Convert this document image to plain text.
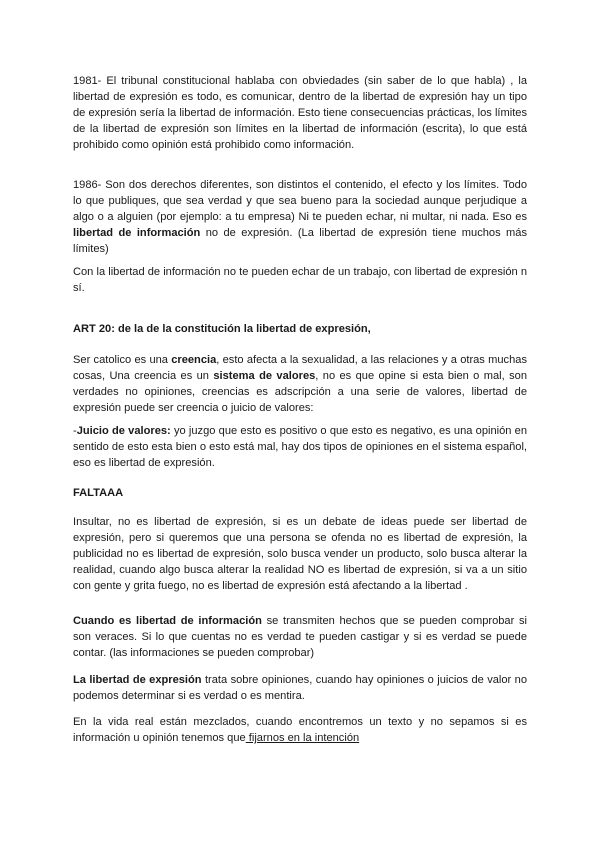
1981- El tribunal constitucional hablaba con obviedades (sin saber de lo que habla) , la libertad de expresión es todo, es comunicar, dentro de la libertad de expresión hay un tipo de expresión sería la libertad de información. Esto tiene consecuencias prácticas, los límites de la libertad de expresión son límites en la libertad de información (escrita), lo que está prohibido como opinión está prohibido como información.

1986- Son dos derechos diferentes, son distintos el contenido, el efecto y los límites. Todo lo que publiques, que sea verdad y que sea bueno para la sociedad aunque perjudique a algo o a alguien (por ejemplo: a tu empresa) Ni te pueden echar, ni multar, ni nada. Eso es libertad de información no de expresión. (La libertad de expresión tiene muchos más límites)

Con la libertad de información no te pueden echar de un trabajo, con libertad de expresión n sí.

ART 20: de la de la constitución la libertad de expresión,

Ser catolico es una creencia, esto afecta a la sexualidad, a las relaciones y a otras muchas cosas, Una creencia es un sistema de valores, no es que opine si esta bien o mal, son verdades no opiniones, creencias es adscripción a una serie de valores, libertad de expresión puede ser creencia o juicio de valores:

-Juicio de valores: yo juzgo que esto es positivo o que esto es negativo, es una opinión en sentido de esto esta bien o esto está mal, hay dos tipos de opiniones en el sistema español, eso es libertad de expresión.

FALTAAA

Insultar, no es libertad de expresión, si es un debate de ideas puede ser libertad de expresión, pero si queremos que una persona se ofenda no es libertad de expresión, la publicidad no es libertad de expresión, solo busca vender un producto, solo busca alterar la realidad, cuando algo busca alterar la realidad NO es libertad de expresión, si va a un sitio con gente y grita fuego, no es libertad de expresión está afectando a la libertad .

Cuando es libertad de información se transmiten hechos que se pueden comprobar si son veraces. Si lo que cuentas no es verdad te pueden castigar y si es verdad se puede contar. (las informaciones se pueden comprobar)

La libertad de expresión trata sobre opiniones, cuando hay opiniones o juicios de valor no podemos determinar si es verdad o es mentira.

En la vida real están mezclados, cuando encontremos un texto y no sepamos si es información u opinión tenemos que fijarnos en la intención
